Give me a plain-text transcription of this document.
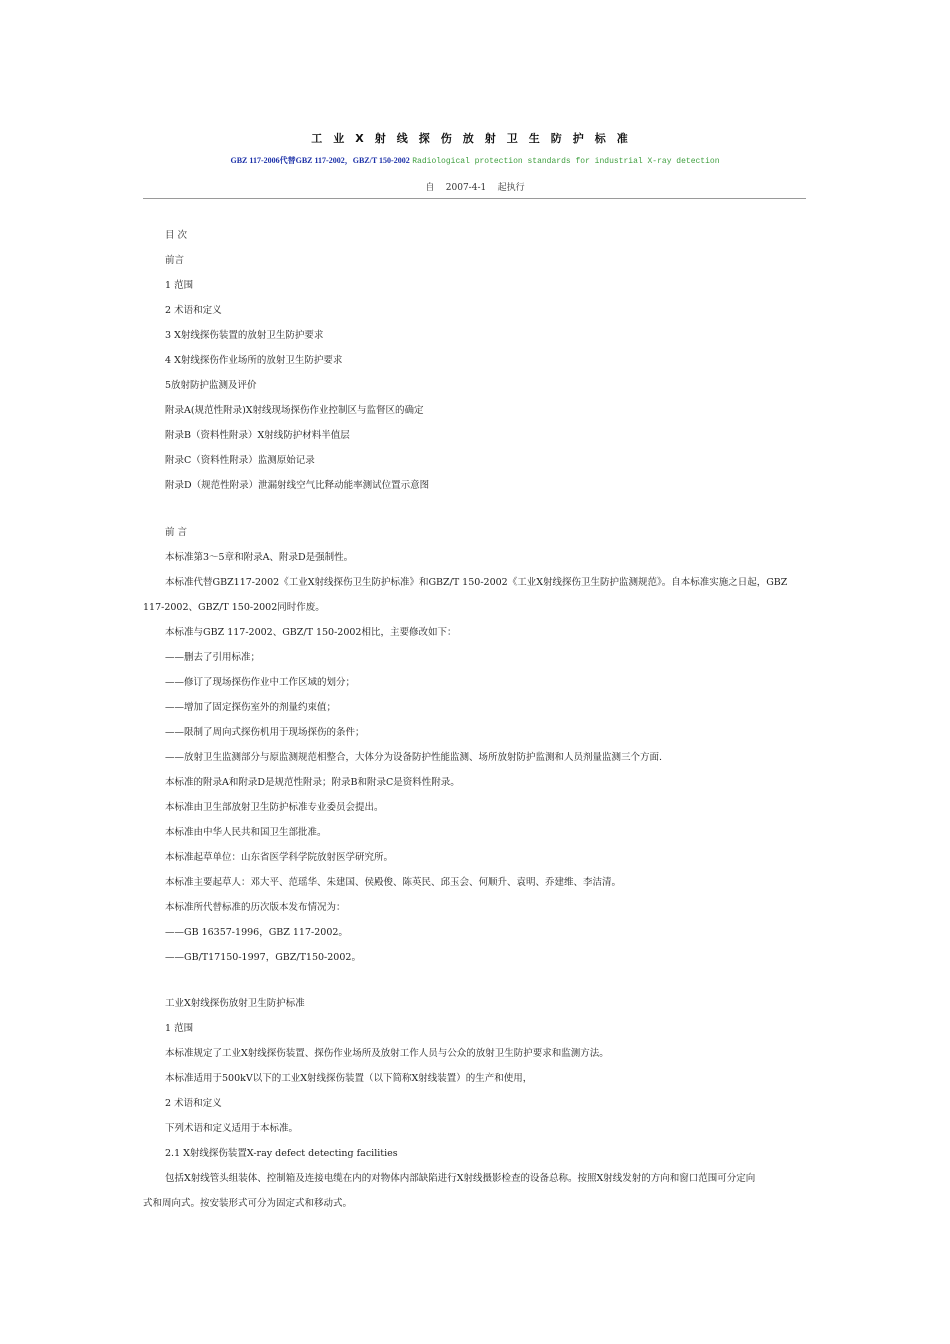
工业X射线探伤放射卫生防护标准
GBZ 117-2006代替GBZ 117-2002，GBZ/T 150-2002 Radiological protection standards for industrial X-ray detection
自    2007-4-1    起执行
目 次
前言
1 范围
2 术语和定义
3 X射线探伤装置的放射卫生防护要求
4 X射线探伤作业场所的放射卫生防护要求
5放射防护监测及评价
附录A(规范性附录)X射线现场探伤作业控制区与监督区的确定
附录B（资料性附录）X射线防护材料半值层
附录C（资料性附录）监测原始记录
附录D（规范性附录）泄漏射线空气比释动能率测试位置示意图
前 言
本标准第3～5章和附录A、附录D是强制性。
本标准代替GBZ117-2002《工业X射线探伤卫生防护标准》和GBZ/T 150-2002《工业X射线探伤卫生防护监测规范》。自本标准实施之日起，GBZ
117-2002、GBZ/T 150-2002同时作废。
本标准与GBZ 117-2002、GBZ/T 150-2002相比，主要修改如下：
——删去了引用标准；
——修订了现场探伤作业中工作区域的划分；
——增加了固定探伤室外的剂量约束值；
——限制了周向式探伤机用于现场探伤的条件；
——放射卫生监测部分与原监测规范相整合，大体分为设备防护性能监测、场所放射防护监测和人员剂量监测三个方面.
本标准的附录A和附录D是规范性附录；附录B和附录C是资料性附录。
本标准由卫生部放射卫生防护标准专业委员会提出。
本标准由中华人民共和国卫生部批准。
本标准起草单位：山东省医学科学院放射医学研究所。
本标准主要起草人：邓大平、范瑶华、朱建国、侯殿俊、陈英民、邱玉会、何顺升、袁明、乔建维、李洁清。
本标准所代替标准的历次版本发布情况为：
——GB 16357-1996，GBZ 117-2002。
——GB/T17150-1997，GBZ/T150-2002。
工业X射线探伤放射卫生防护标准
1 范围
本标准规定了工业X射线探伤装置、探伤作业场所及放射工作人员与公众的放射卫生防护要求和监测方法。
本标准适用于500kV以下的工业X射线探伤装置（以下简称X射线装置）的生产和使用，
2 术语和定义
下列术语和定义适用于本标准。
2.1 X射线探伤装置X-ray defect detecting facilities
包括X射线管头组装体、控制箱及连接电缆在内的对物体内部缺陷进行X射线摄影检查的设备总称。按照X射线发射的方向和窗口范围可分定向
式和周向式。按安装形式可分为固定式和移动式。
